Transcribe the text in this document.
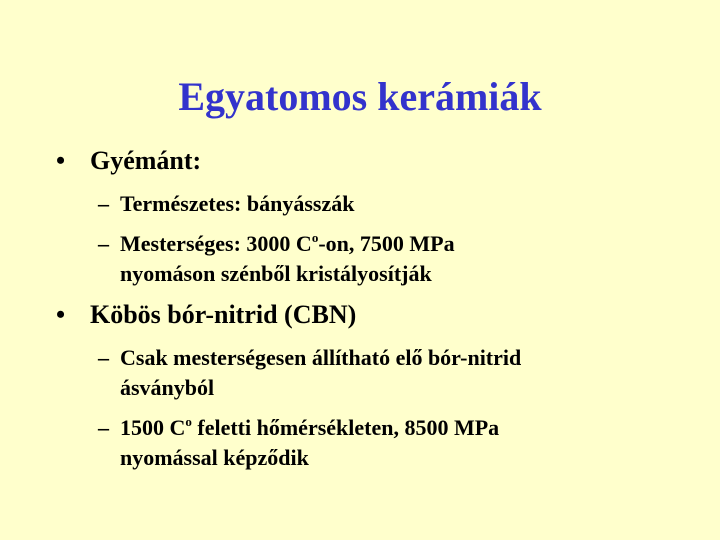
Egyatomos kerámiák
• Gyémánt:
– Természetes: bányásszák
– Mesterséges: 3000 $C^o-on$, 7500 MPa
nyomáson szénből kristályosítják
• Köbös bór-nitrid (CBN)
– Csak mesterségesen állítható elő bór-nitrid
ásványból
– 1500 $C^o$ feletti hőmérsékleten, 8500 MPa
nyomással képződik
